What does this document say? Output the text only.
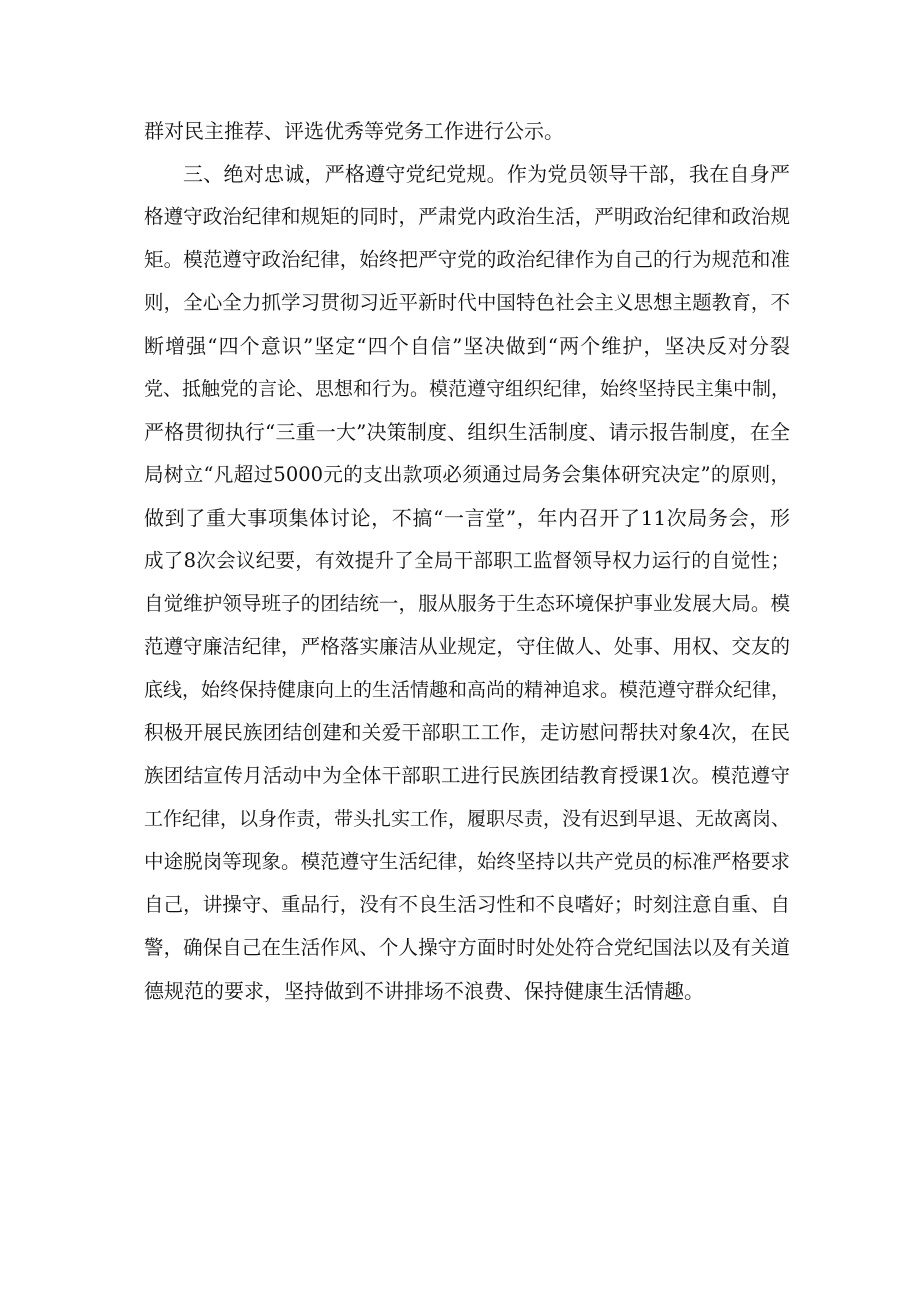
群对民主推荐、评选优秀等党务工作进行公示。
三、绝对忠诚，严格遵守党纪党规。作为党员领导干部，我在自身严
格遵守政治纪律和规矩的同时，严肃党内政治生活，严明政治纪律和政治规
矩。模范遵守政治纪律，始终把严守党的政治纪律作为自己的行为规范和准
则，全心全力抓学习贯彻习近平新时代中国特色社会主义思想主题教育，不
断增强“四个意识”坚定“四个自信”坚决做到“两个维护，坚决反对分裂
党、抵触党的言论、思想和行为。模范遵守组织纪律，始终坚持民主集中制，
严格贯彻执行“三重一大”决策制度、组织生活制度、请示报告制度，在全
局树立“凡超过5000元的支出款项必须通过局务会集体研究决定”的原则，
做到了重大事项集体讨论，不搞“一言堂”，年内召开了11次局务会，形
成了8次会议纪要，有效提升了全局干部职工监督领导权力运行的自觉性；
自觉维护领导班子的团结统一，服从服务于生态环境保护事业发展大局。模
范遵守廉洁纪律，严格落实廉洁从业规定，守住做人、处事、用权、交友的
底线，始终保持健康向上的生活情趣和高尚的精神追求。模范遵守群众纪律，
积极开展民族团结创建和关爱干部职工工作，走访慰问帮扶对象4次，在民
族团结宣传月活动中为全体干部职工进行民族团结教育授课1次。模范遵守
工作纪律，以身作责，带头扎实工作，履职尽责，没有迟到早退、无故离岗、
中途脱岗等现象。模范遵守生活纪律，始终坚持以共产党员的标准严格要求
自己，讲操守、重品行，没有不良生活习性和不良嗜好；时刻注意自重、自
警，确保自己在生活作风、个人操守方面时时处处符合党纪国法以及有关道
德规范的要求，坚持做到不讲排场不浪费、保持健康生活情趣。
